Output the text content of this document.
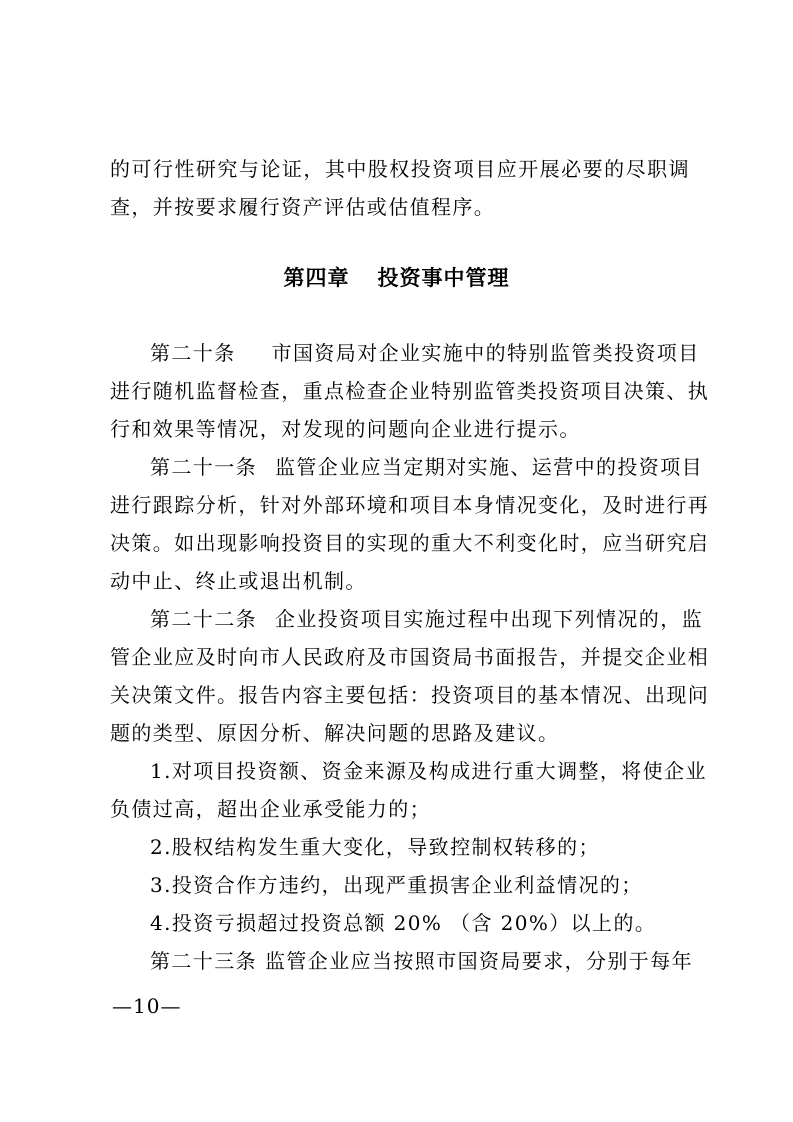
的可行性研究与论证，其中股权投资项目应开展必要的尽职调
查，并按要求履行资产评估或估值程序。
第四章 投资事中管理
第二十条 市国资局对企业实施中的特别监管类投资项目
进行随机监督检查，重点检查企业特别监管类投资项目决策、执
行和效果等情况，对发现的问题向企业进行提示。
第二十一条 监管企业应当定期对实施、运营中的投资项目
进行跟踪分析，针对外部环境和项目本身情况变化，及时进行再
决策。如出现影响投资目的实现的重大不利变化时，应当研究启
动中止、终止或退出机制。
第二十二条 企业投资项目实施过程中出现下列情况的，监
管企业应及时向市人民政府及市国资局书面报告，并提交企业相
关决策文件。报告内容主要包括：投资项目的基本情况、出现问
题的类型、原因分析、解决问题的思路及建议。
1.对项目投资额、资金来源及构成进行重大调整，将使企业
负债过高，超出企业承受能力的；
2.股权结构发生重大变化，导致控制权转移的；
3.投资合作方违约，出现严重损害企业利益情况的；
4.投资亏损超过投资总额 20% （含 20%）以上的。
第二十三条 监管企业应当按照市国资局要求，分别于每年
—10—
